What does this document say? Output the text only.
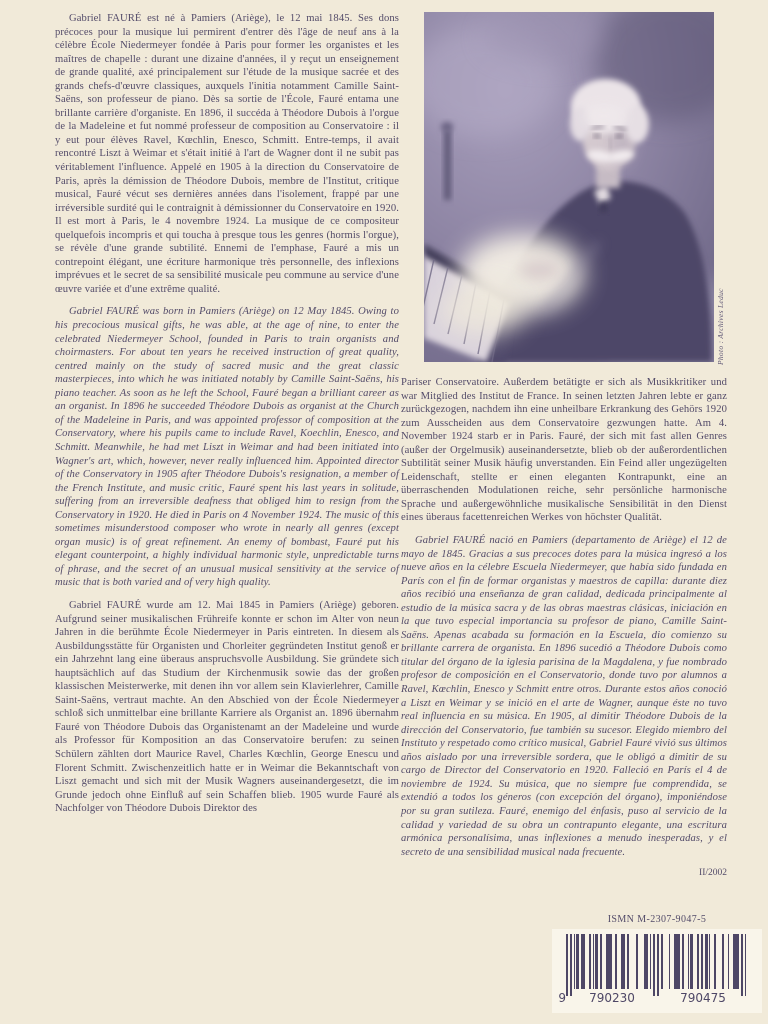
Gabriel FAURÉ est né à Pamiers (Ariège), le 12 mai 1845. Ses dons précoces pour la musique lui permirent d'entrer dès l'âge de neuf ans à la célèbre École Niedermeyer fondée à Paris pour former les organistes et les maîtres de chapelle : durant une dizaine d'années, il y reçut un enseignement de grande qualité, axé principalement sur l'étude de la musique sacrée et des grands chefs-d'œuvre classiques, auxquels l'initia notamment Camille Saint-Saëns, son professeur de piano. Dès sa sortie de l'École, Fauré entama une brillante carrière d'organiste. En 1896, il succéda à Théodore Dubois à l'orgue de la Madeleine et fut nommé professeur de composition au Conservatoire : il y eut pour élèves Ravel, Kœchlin, Enesco, Schmitt. Entre-temps, il avait rencontré Liszt à Weimar et s'était initié à l'art de Wagner dont il ne subit pas véritablement l'influence. Appelé en 1905 à la direction du Conservatoire de Paris, après la démission de Théodore Dubois, membre de l'Institut, critique musical, Fauré vécut ses dernières années dans l'isolement, frappé par une irréversible surdité qui le contraignit à démissionner du Conservatoire en 1920. Il est mort à Paris, le 4 novembre 1924. La musique de ce compositeur quelquefois incompris et qui toucha à presque tous les genres (hormis l'orgue), se révèle d'une grande subtilité. Ennemi de l'emphase, Fauré a mis un contrepoint élégant, une écriture harmonique très personnelle, des inflexions imprévues et le secret de sa sensibilité musicale peu commune au service d'une œuvre variée et d'une extrême qualité.

Gabriel FAURÉ was born in Pamiers (Ariège) on 12 May 1845. Owing to his precocious musical gifts, he was able, at the age of nine, to enter the celebrated Niedermeyer School, founded in Paris to train organists and choirmasters. For about ten years he received instruction of great quality, centred mainly on the study of sacred music and the great classic masterpieces, into which he was initiated notably by Camille Saint-Saëns, his piano teacher. As soon as he left the School, Fauré began a brilliant career as an organist. In 1896 he succeeded Théodore Dubois as organist at the Church of the Madeleine in Paris, and was appointed professor of composition at the Conservatory, where his pupils came to include Ravel, Koechlin, Enesco, and Schmitt. Meanwhile, he had met Liszt in Weimar and had been initiated into Wagner's art, which, however, never really influenced him. Appointed director of the Conservatory in 1905 after Théodore Dubois's resignation, a member of the French Institute, and music critic, Fauré spent his last years in solitude, suffering from an irreversible deafness that obliged him to resign from the Conservatory in 1920. He died in Paris on 4 November 1924. The music of this sometimes misunderstood composer who wrote in nearly all genres (except organ music) is of great refinement. An enemy of bombast, Fauré put his elegant counterpoint, a highly individual harmonic style, unpredictable turns of phrase, and the secret of an unusual musical sensitivity at the service of music that is both varied and of very high quality.

Gabriel FAURÉ wurde am 12. Mai 1845 in Pamiers (Ariège) geboren. Aufgrund seiner musikalischen Frühreife konnte er schon im Alter von neun Jahren in die berühmte École Niedermeyer in Paris eintreten. In diesem als Ausbildungsstätte für Organisten und Chorleiter gegründeten Institut genoß er ein Jahrzehnt lang eine überaus anspruchsvolle Ausbildung. Sie gründete sich hauptsächlich auf das Studium der Kirchenmusik sowie das der großen klassischen Meisterwerke, mit denen ihn vor allem sein Klavierlehrer, Camille Saint-Saëns, vertraut machte. An den Abschied von der École Niedermeyer schloß sich unmittelbar eine brillante Karriere als Organist an. 1896 übernahm Fauré von Théodore Dubois das Organistenamt an der Madeleine und wurde als Professor für Komposition an das Conservatoire berufen: zu seinen Schülern zählten dort Maurice Ravel, Charles Kœchlin, George Enescu und Florent Schmitt. Zwischenzeitlich hatte er in Weimar die Bekanntschaft von Liszt gemacht und sich mit der Musik Wagners auseinandergesetzt, die im Grunde jedoch ohne Einfluß auf sein Schaffen blieb. 1905 wurde Fauré als Nachfolger von Théodore Dubois Direktor des

Photo : Archives Leduc

Pariser Conservatoire. Außerdem betätigte er sich als Musikkritiker und war Mitglied des Institut de France. In seinen letzten Jahren lebte er ganz zurückgezogen, nachdem ihn eine unheilbare Erkrankung des Gehörs 1920 zum Ausscheiden aus dem Conservatoire gezwungen hatte. Am 4. November 1924 starb er in Paris. Fauré, der sich mit fast allen Genres (außer der Orgelmusik) auseinandersetzte, blieb ob der außerordentlichen Subtilität seiner Musik häufig unverstanden. Ein Feind aller ungezügelten Leidenschaft, stellte er einen eleganten Kontrapunkt, eine an überraschenden Modulationen reiche, sehr persönliche harmonische Sprache und außergewöhnliche musikalische Sensibilität in den Dienst eines überaus facettenreichen Werkes von höchster Qualität.

Gabriel FAURÉ nació en Pamiers (departamento de Ariège) el 12 de mayo de 1845. Gracias a sus precoces dotes para la música ingresó a los nueve años en la célebre Escuela Niedermeyer, que había sido fundada en París con el fin de formar organistas y maestros de capilla: durante diez años recibió una enseñanza de gran calidad, dedicada principalmente al estudio de la música sacra y de las obras maestras clásicas, iniciación en la que tuvo especial importancia su profesor de piano, Camille Saint-Saëns. Apenas acabada su formación en la Escuela, dio comienzo su brillante carrera de organista. En 1896 sucedió a Théodore Dubois como titular del órgano de la iglesia parisina de la Magdalena, y fue nombrado profesor de composición en el Conservatorio, donde tuvo por alumnos a Ravel, Kœchlin, Enesco y Schmitt entre otros. Durante estos años conoció a Liszt en Weimar y se inició en el arte de Wagner, aunque éste no tuvo real influencia en su música. En 1905, al dimitir Théodore Dubois de la dirección del Conservatorio, fue también su sucesor. Elegido miembro del Instituto y respetado como crítico musical, Gabriel Fauré vivió sus últimos años aislado por una irreversible sordera, que le obligó a dimitir de su cargo de Director del Conservatorio en 1920. Falleció en París el 4 de noviembre de 1924. Su música, que no siempre fue comprendida, se extendió a todos los géneros (con excepción del órgano), imponiéndose por su gran sutileza. Fauré, enemigo del énfasis, puso al servicio de la calidad y variedad de su obra un contrapunto elegante, una escritura armónica personalísima, unas inflexiones a menudo inesperadas, y el secreto de una sensibilidad musical nada frecuente.

II/2002
ISMN M-2307-9047-5
9	790230	790475
